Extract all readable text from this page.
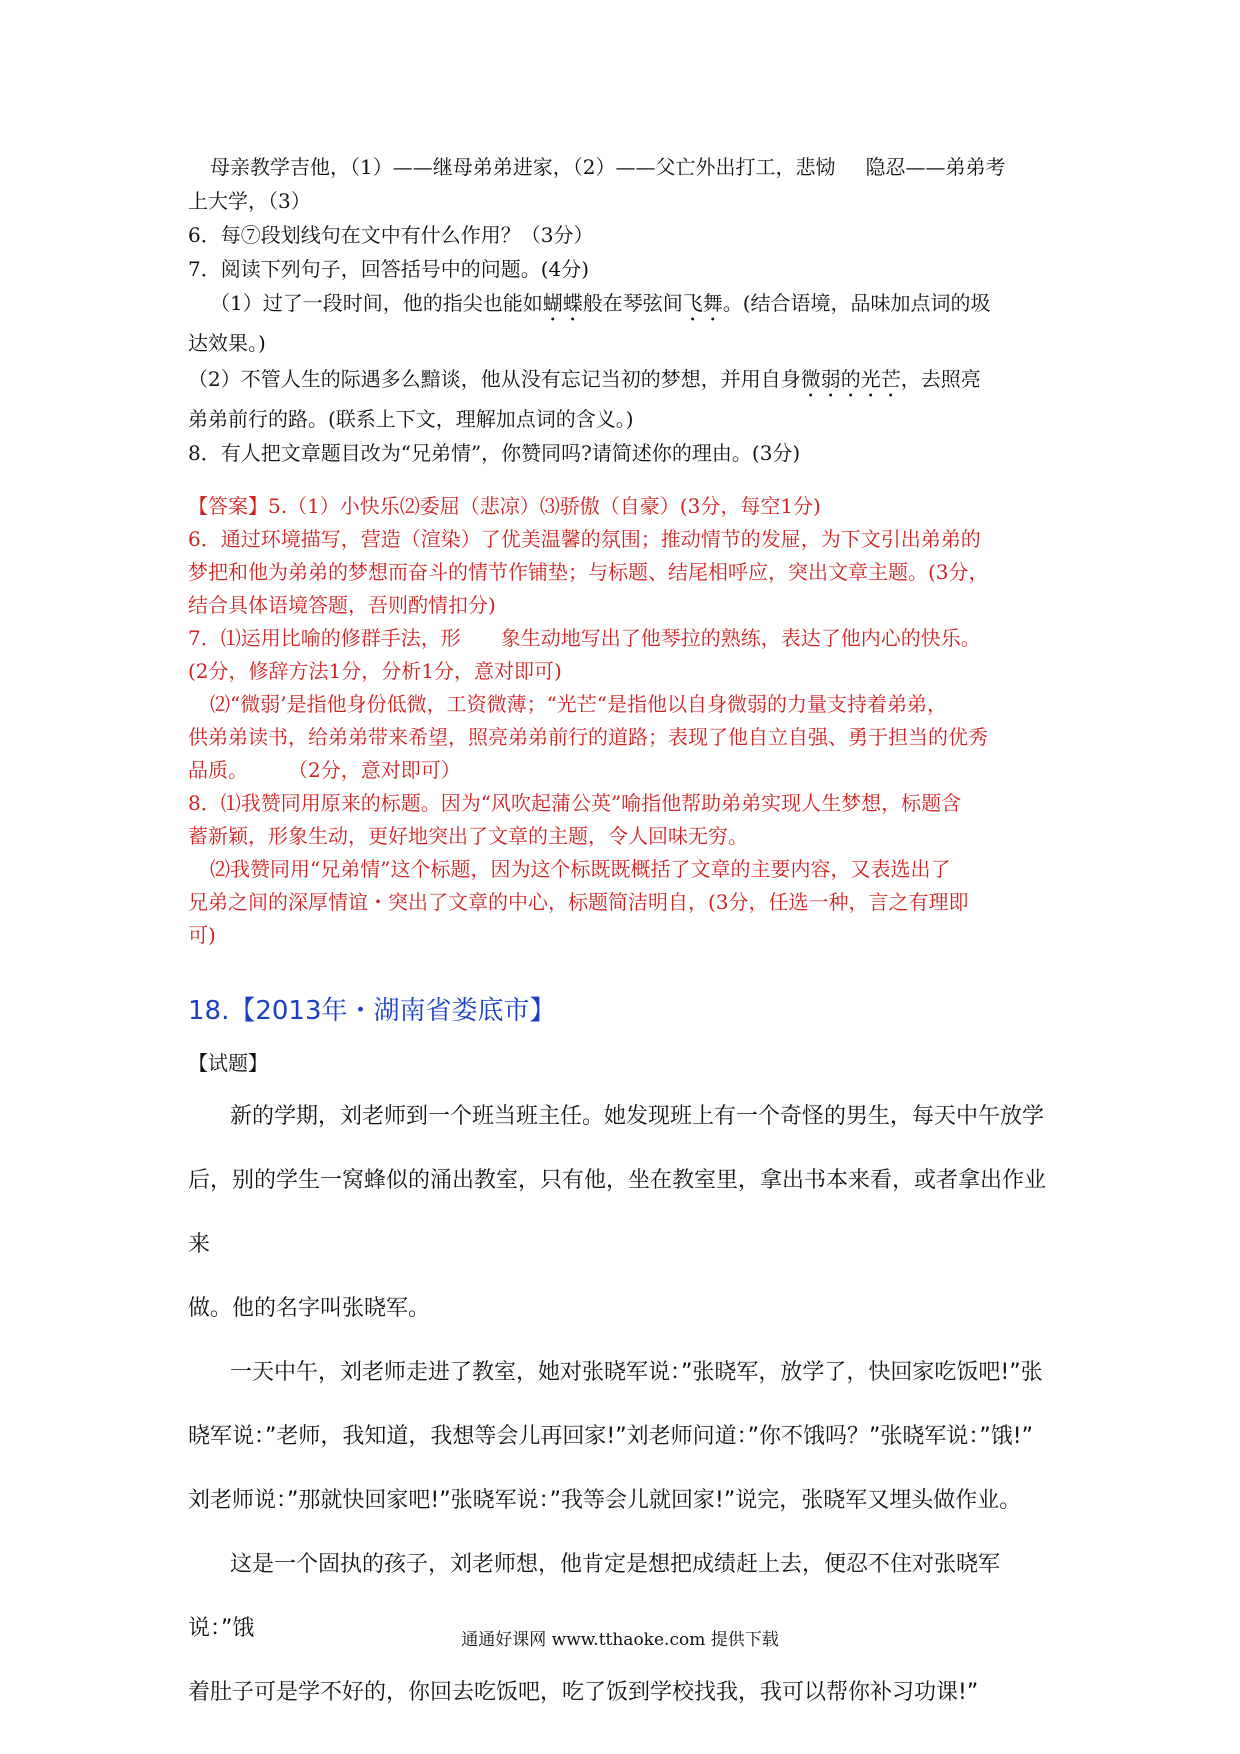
母亲教学吉他，（1）——继母弟弟进家，（2）——父亡外出打工，悲恸 隐忍——弟弟考
上大学，（3）
6．每⑦段划线句在文中有什么作用？（3分）
7．阅读下列句子，回答括号中的问题。(4分)
（1）过了一段时间，他的指尖也能如蝴蝶般在琴弦间飞舞。(结合语境，品味加点词的圾
达效果。)
（2）不管人生的际遇多么黯谈，他从没有忘记当初的梦想，并用自身微弱的光芒，去照亮
弟弟前行的路。(联系上下文，理解加点词的含义。)
8．有人把文章题目改为“兄弟情”，你赞同吗?请简述你的理由。(3分)
【答案】5.（1）小快乐⑵委屈（悲凉）⑶骄傲（自豪）(3分，每空1分)
6．通过环境描写，营造（渲染）了优美温馨的氛围；推动情节的发屉，为下文引出弟弟的
梦把和他为弟弟的梦想而奋斗的情节作铺垫；与标题、结尾相呼应，突出文章主题。(3分，
结合具体语境答题，吾则酌情扣分)
7．⑴运用比喻的修群手法，形 象生动地写出了他琴拉的熟练，表达了他内心的快乐。
(2分，修辞方法1分，分析1分，意对即可)
⑵“微弱’是指他身份低微，工资微薄；“光芒“是指他以自身微弱的力量支持着弟弟，
供弟弟读书，给弟弟带来希望，照亮弟弟前行的道路；表现了他自立自强、勇于担当的优秀
品质。 （2分，意对即可）
8．⑴我赞同用原来的标题。因为“风吹起蒲公英”喻指他帮助弟弟实现人生梦想，标题含
蓄新颖，形象生动，更好地突出了文章的主题，令人回味无穷。
⑵我赞同用“兄弟情”这个标题，因为这个标既既概括了文章的主要内容，又表选出了
兄弟之间的深厚情谊・突出了文章的中心，标题简洁明自，(3分，任选一种，言之有理即
可)
18.【2013年・湖南省娄底市】
【试题】

新的学期，刘老师到一个班当班主任。她发现班上有一个奇怪的男生，每天中午放学

后，别的学生一窝蜂似的涌出教室，只有他，坐在教室里，拿出书本来看，或者拿出作业来

做。他的名字叫张晓军。

一天中午，刘老师走进了教室，她对张晓军说：”张晓军，放学了，快回家吃饭吧!”张

晓军说：”老师，我知道，我想等会儿再回家!”刘老师问道：”你不饿吗？”张晓军说：”饿!”

刘老师说：”那就快回家吧!”张晓军说：”我等会儿就回家!”说完，张晓军又埋头做作业。

这是一个固执的孩子，刘老师想，他肯定是想把成绩赶上去，便忍不住对张晓军说：”饿

着肚子可是学不好的，你回去吃饭吧，吃了饭到学校找我，我可以帮你补习功课!”

通通好课网 www.tthaoke.com 提供下载
